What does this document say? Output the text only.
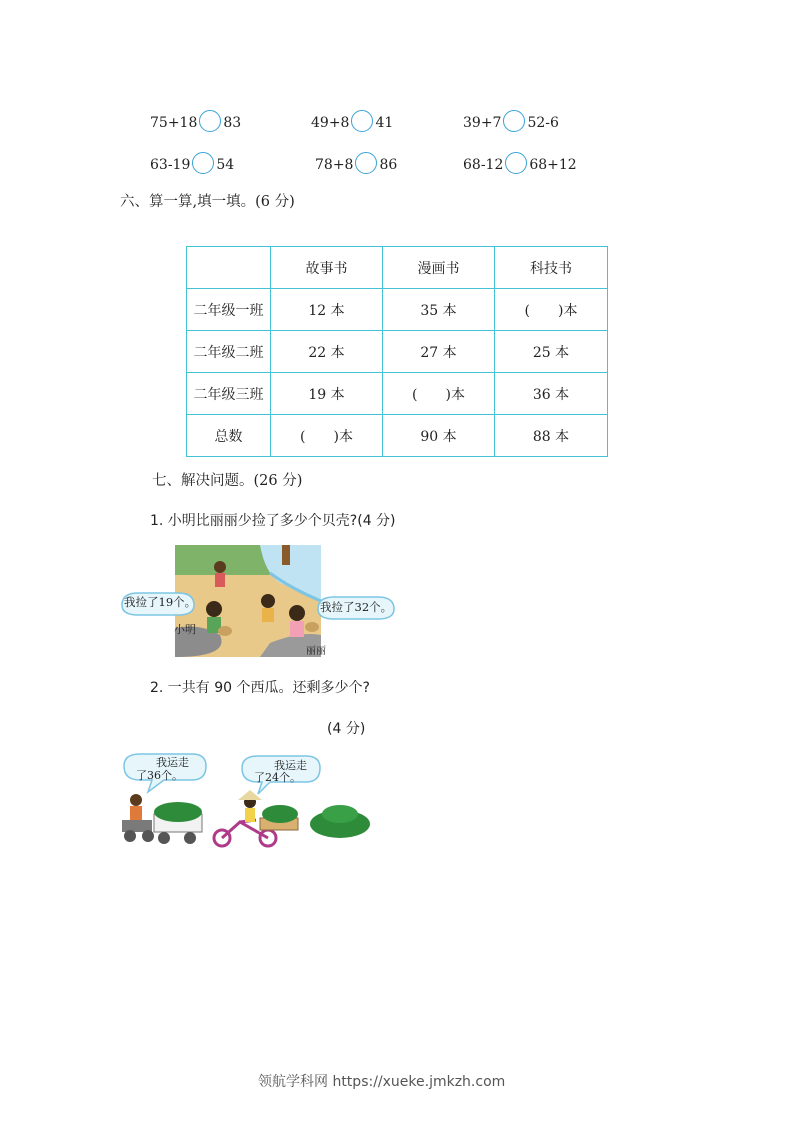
75+18 83	49+8 41	39+7 52-6
63-19 54	78+8 86	68-12 68+12
六、算一算,填一填。(6 分)
	故事书	漫画书	科技书
二年级一班	12 本	35 本	(　　)本
二年级二班	22 本	27 本	25 本
二年级三班	19 本	(　　)本	36 本
总数	(　　)本	90 本	88 本
七、解决问题。(26 分)
1. 小明比丽丽少捡了多少个贝壳?(4 分)
我捡了19个。	我捡了32个。
小明
丽丽
2. 一共有 90 个西瓜。还剩多少个?
(4 分)
我运走
了36个。
我运走
了24个。
领航学科网 https://xueke.jmkzh.com
